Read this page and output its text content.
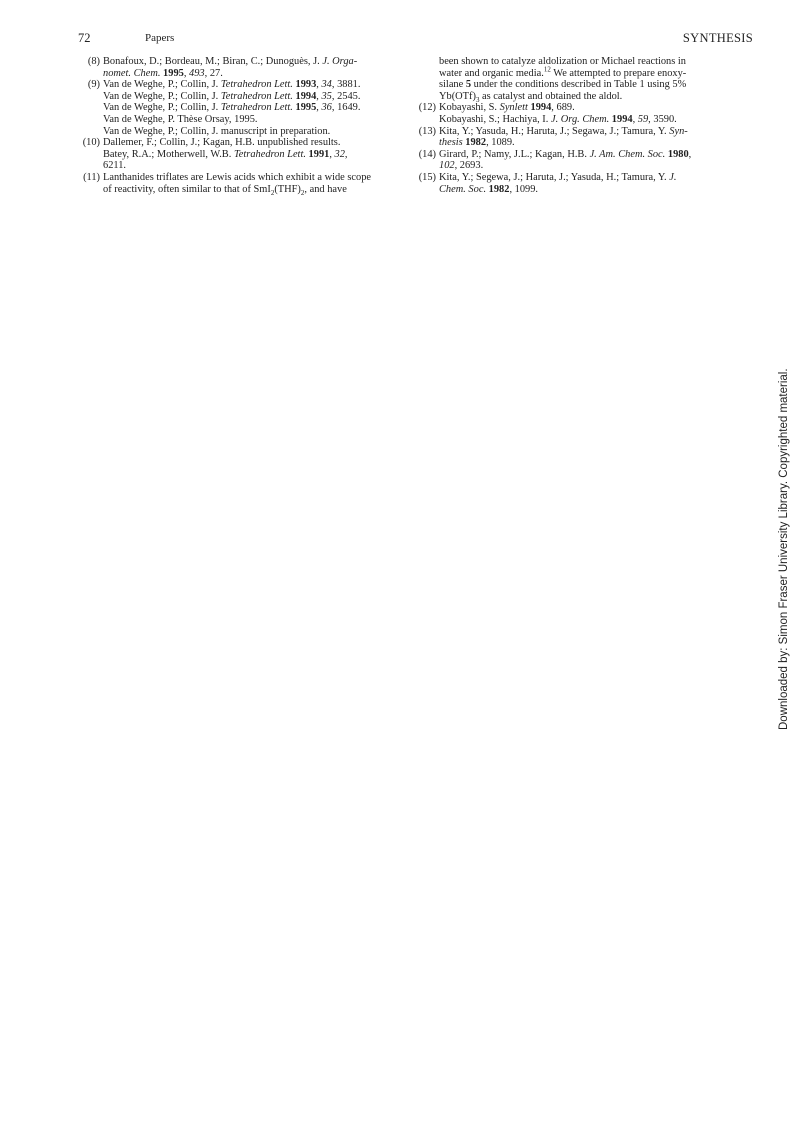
72	Papers	SYNTHESIS
(8) Bonafoux, D.; Bordeau, M.; Biran, C.; Dunoguès, J. J. Orga-
nomet. Chem. 1995, 493, 27.
(9) Van de Weghe, P.; Collin, J. Tetrahedron Lett. 1993, 34, 3881.
Van de Weghe, P.; Collin, J. Tetrahedron Lett. 1994, 35, 2545.
Van de Weghe, P.; Collin, J. Tetrahedron Lett. 1995, 36, 1649.
Van de Weghe, P. Thèse Orsay, 1995.
Van de Weghe, P.; Collin, J. manuscript in preparation.
(10) Dallemer, F.; Collin, J.; Kagan, H.B. unpublished results.
Batey, R.A.; Motherwell, W.B. Tetrahedron Lett. 1991, 32,
6211.
(11) Lanthanides triflates are Lewis acids which exhibit a wide scope
of reactivity, often similar to that of $SmI_2(THF)_2$, and have
been shown to catalyze aldolization or Michael reactions in
water and organic media.$^{12}$ We attempted to prepare enoxy-
silane 5 under the conditions described in Table 1 using 5%
$Yb(OTf)_3$ as catalyst and obtained the aldol.
(12) Kobayashi, S. Synlett 1994, 689.
Kobayashi, S.; Hachiya, I. J. Org. Chem. 1994, 59, 3590.
(13) Kita, Y.; Yasuda, H.; Haruta, J.; Segawa, J.; Tamura, Y. Syn-
thesis 1982, 1089.
(14) Girard, P.; Namy, J.L.; Kagan, H.B. J. Am. Chem. Soc. 1980,
102, 2693.
(15) Kita, Y.; Segewa, J.; Haruta, J.; Yasuda, H.; Tamura, Y. J.
Chem. Soc. 1982, 1099.
Downloaded by: Simon Fraser University Library. Copyrighted material.
